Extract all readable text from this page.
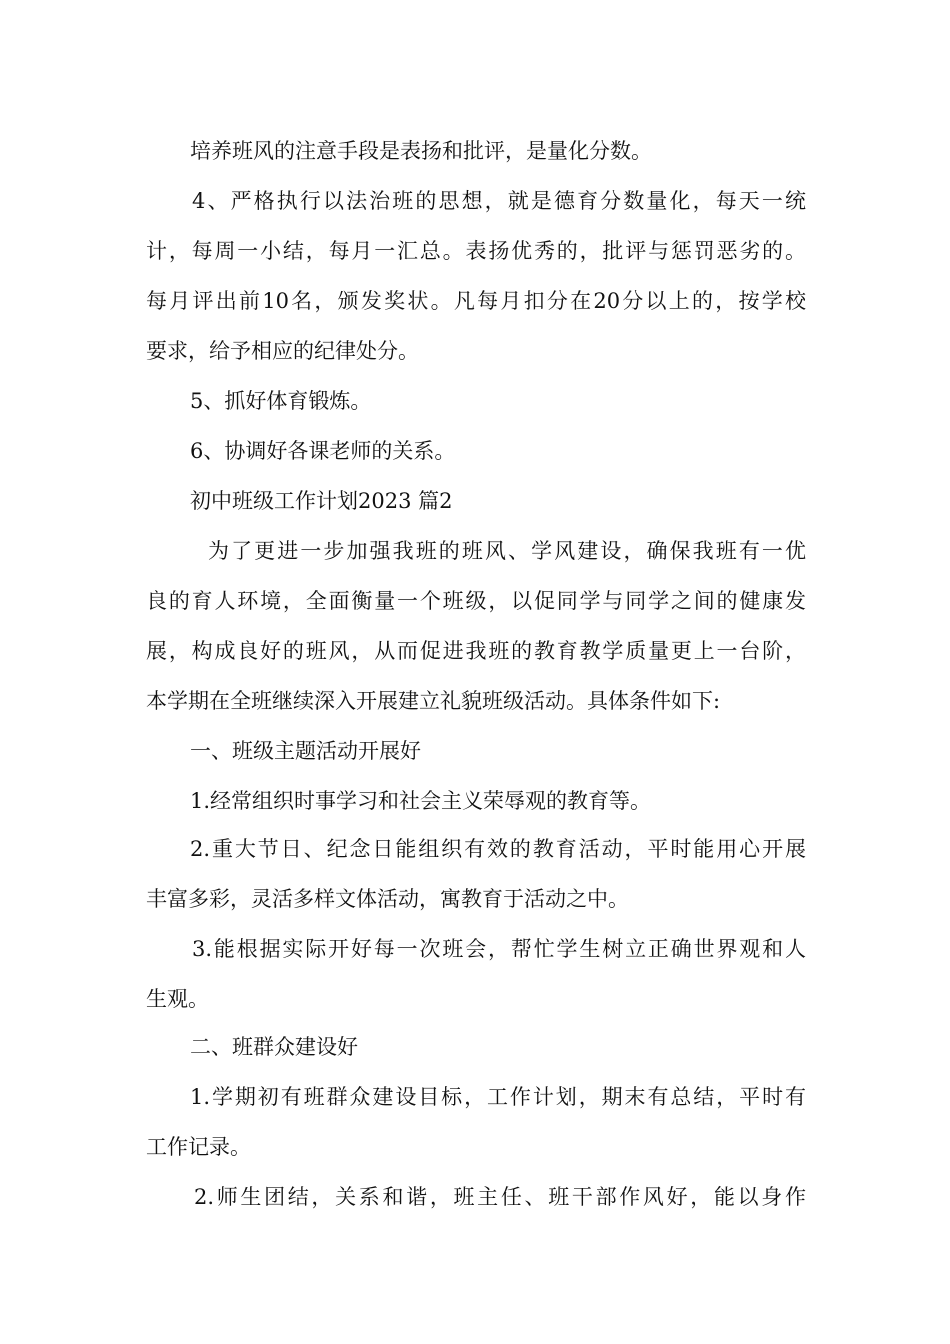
培养班风的注意手段是表扬和批评，是量化分数。
4、严格执行以法治班的思想，就是德育分数量化，每天一统
计，每周一小结，每月一汇总。表扬优秀的，批评与惩罚恶劣的。
每月评出前10名，颁发奖状。凡每月扣分在20分以上的，按学校
要求，给予相应的纪律处分。
5、抓好体育锻炼。
6、协调好各课老师的关系。
初中班级工作计划2023 篇2
为了更进一步加强我班的班风、学风建设，确保我班有一优
良的育人环境，全面衡量一个班级，以促同学与同学之间的健康发
展，构成良好的班风，从而促进我班的教育教学质量更上一台阶，
本学期在全班继续深入开展建立礼貌班级活动。具体条件如下:
一、班级主题活动开展好
1.经常组织时事学习和社会主义荣辱观的教育等。
2.重大节日、纪念日能组织有效的教育活动，平时能用心开展
丰富多彩，灵活多样文体活动，寓教育于活动之中。
3.能根据实际开好每一次班会，帮忙学生树立正确世界观和人
生观。
二、班群众建设好
1.学期初有班群众建设目标，工作计划，期末有总结，平时有
工作记录。
2.师生团结，关系和谐，班主任、班干部作风好，能以身作
